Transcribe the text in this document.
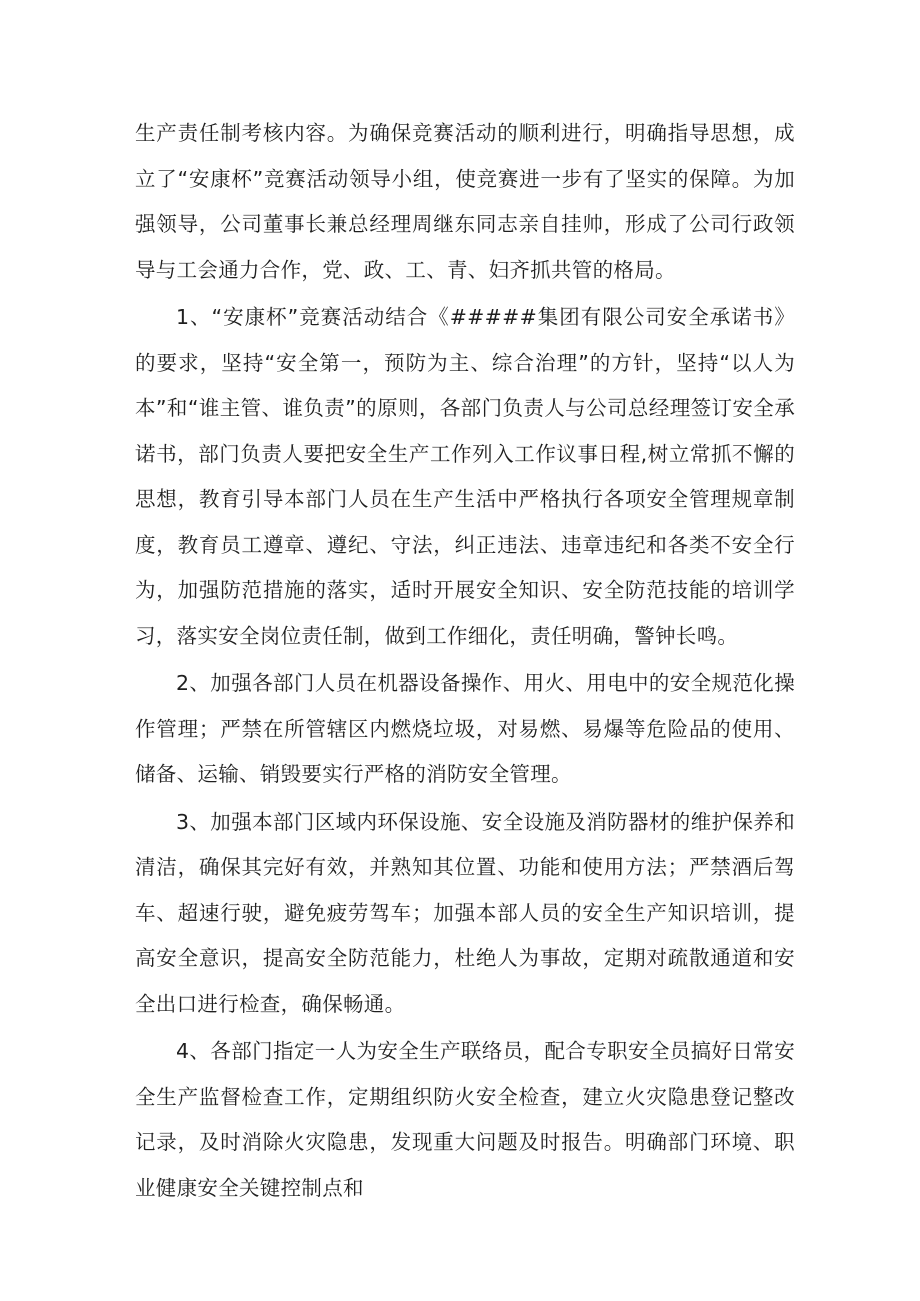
生产责任制考核内容。为确保竞赛活动的顺利进行，明确指导思想，成立了“安康杯”竞赛活动领导小组，使竞赛进一步有了坚实的保障。为加强领导，公司董事长兼总经理周继东同志亲自挂帅，形成了公司行政领导与工会通力合作，党、政、工、青、妇齐抓共管的格局。

1、“安康杯”竞赛活动结合《#####集团有限公司安全承诺书》的要求，坚持“安全第一，预防为主、综合治理”的方针，坚持“以人为本”和“谁主管、谁负责”的原则，各部门负责人与公司总经理签订安全承诺书，部门负责人要把安全生产工作列入工作议事日程,树立常抓不懈的思想，教育引导本部门人员在生产生活中严格执行各项安全管理规章制度，教育员工遵章、遵纪、守法，纠正违法、违章违纪和各类不安全行为，加强防范措施的落实，适时开展安全知识、安全防范技能的培训学习，落实安全岗位责任制，做到工作细化，责任明确，警钟长鸣。

2、加强各部门人员在机器设备操作、用火、用电中的安全规范化操作管理；严禁在所管辖区内燃烧垃圾，对易燃、易爆等危险品的使用、储备、运输、销毁要实行严格的消防安全管理。

3、加强本部门区域内环保设施、安全设施及消防器材的维护保养和清洁，确保其完好有效，并熟知其位置、功能和使用方法；严禁酒后驾车、超速行驶，避免疲劳驾车；加强本部人员的安全生产知识培训，提高安全意识，提高安全防范能力，杜绝人为事故，定期对疏散通道和安全出口进行检查，确保畅通。

4、各部门指定一人为安全生产联络员，配合专职安全员搞好日常安全生产监督检查工作，定期组织防火安全检查，建立火灾隐患登记整改记录，及时消除火灾隐患，发现重大问题及时报告。明确部门环境、职业健康安全关键控制点和
